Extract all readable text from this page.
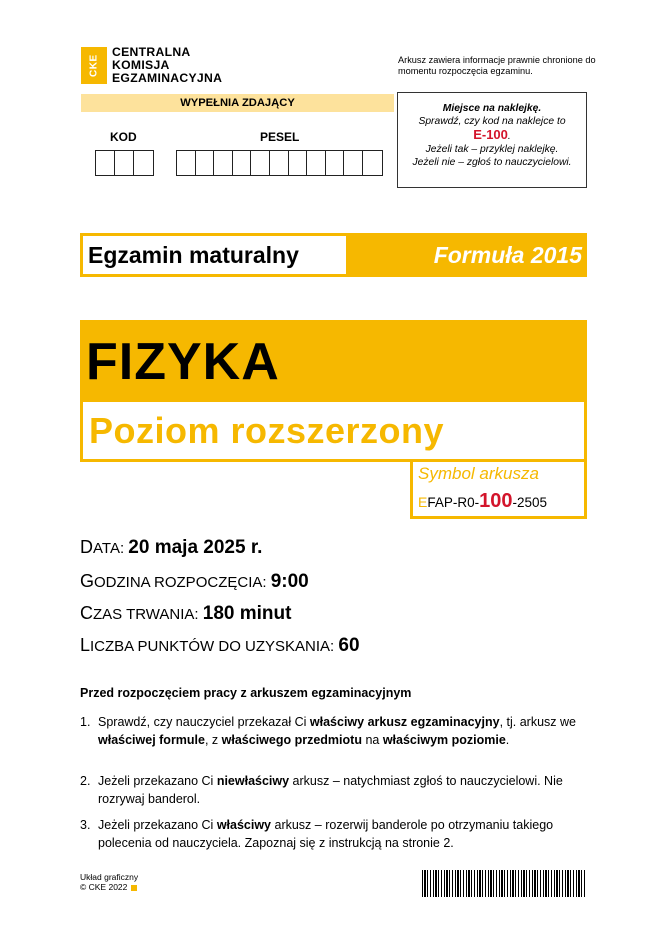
CKE
CENTRALNA
KOMISJA
EGZAMINACYJNA
Arkusz zawiera informacje prawnie chronione do momentu rozpoczęcia egzaminu.
WYPEŁNIA ZDAJĄCY
KOD	PESEL
Miejsce na naklejkę.
Sprawdź, czy kod na naklejce to
E-100.
Jeżeli tak – przyklej naklejkę.
Jeżeli nie – zgłoś to nauczycielowi.
Egzamin maturalny	Formuła 2015
FIZYKA
Poziom rozszerzony
Symbol arkusza
EFAP-R0-100-2505
DATA: 20 maja 2025 r.
GODZINA ROZPOCZĘCIA: 9:00
CZAS TRWANIA: 180 minut
LICZBA PUNKTÓW DO UZYSKANIA: 60
Przed rozpoczęciem pracy z arkuszem egzaminacyjnym
1. Sprawdź, czy nauczyciel przekazał Ci właściwy arkusz egzaminacyjny, tj. arkusz we właściwej formule, z właściwego przedmiotu na właściwym poziomie.
2. Jeżeli przekazano Ci niewłaściwy arkusz – natychmiast zgłoś to nauczycielowi. Nie rozrywaj banderol.
3. Jeżeli przekazano Ci właściwy arkusz – rozerwij banderole po otrzymaniu takiego polecenia od nauczyciela. Zapoznaj się z instrukcją na stronie 2.
Układ graficzny
© CKE 2022
